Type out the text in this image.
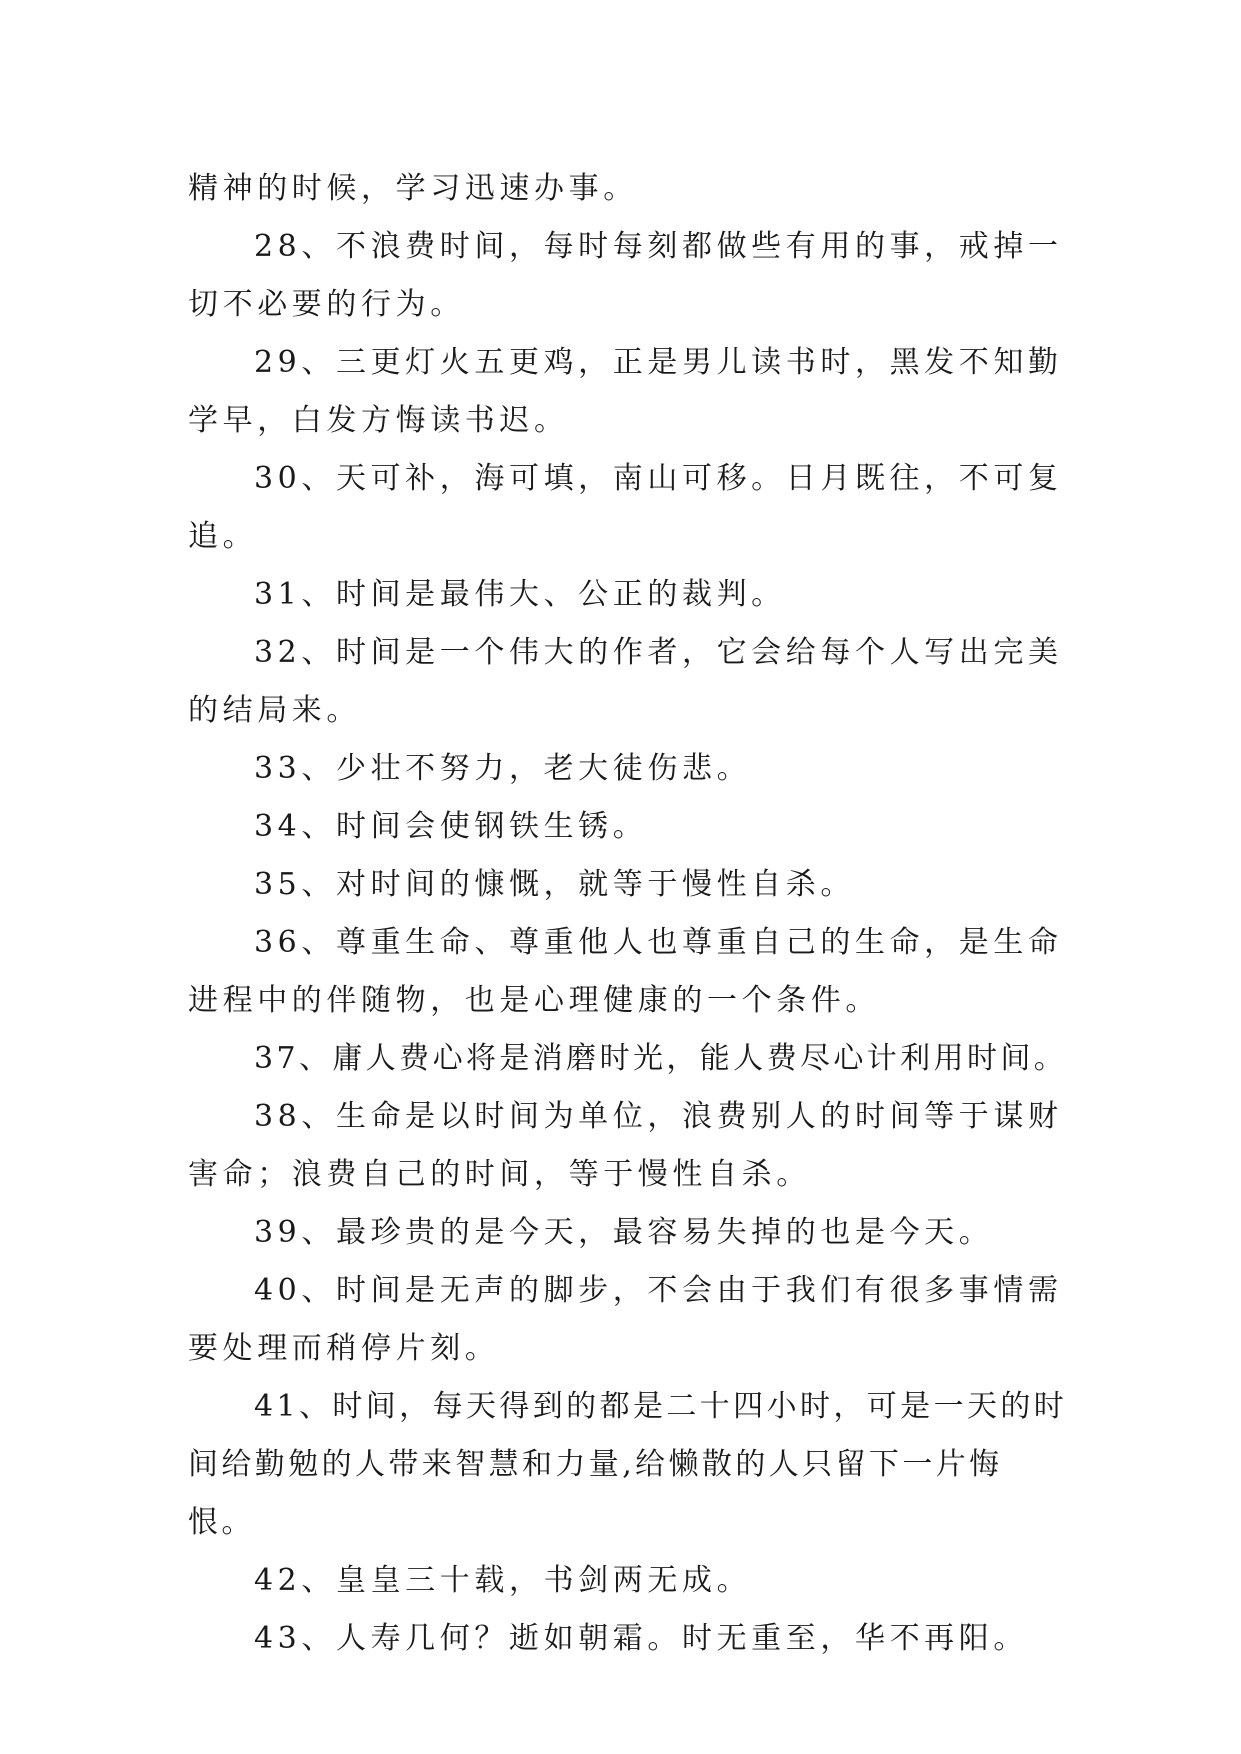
精神的时候，学习迅速办事。

28、不浪费时间，每时每刻都做些有用的事，戒掉一切不必要的行为。

29、三更灯火五更鸡，正是男儿读书时，黑发不知勤学早，白发方悔读书迟。

30、天可补，海可填，南山可移。日月既往，不可复追。

31、时间是最伟大、公正的裁判。

32、时间是一个伟大的作者，它会给每个人写出完美的结局来。

33、少壮不努力，老大徒伤悲。

34、时间会使钢铁生锈。

35、对时间的慷慨，就等于慢性自杀。

36、尊重生命、尊重他人也尊重自己的生命，是生命进程中的伴随物，也是心理健康的一个条件。

37、庸人费心将是消磨时光，能人费尽心计利用时间。

38、生命是以时间为单位，浪费别人的时间等于谋财害命；浪费自己的时间，等于慢性自杀。

39、最珍贵的是今天，最容易失掉的也是今天。

40、时间是无声的脚步，不会由于我们有很多事情需要处理而稍停片刻。

41、时间，每天得到的都是二十四小时，可是一天的时间给勤勉的人带来智慧和力量,给懒散的人只留下一片悔恨。

42、皇皇三十载，书剑两无成。

43、人寿几何？逝如朝霜。时无重至，华不再阳。
